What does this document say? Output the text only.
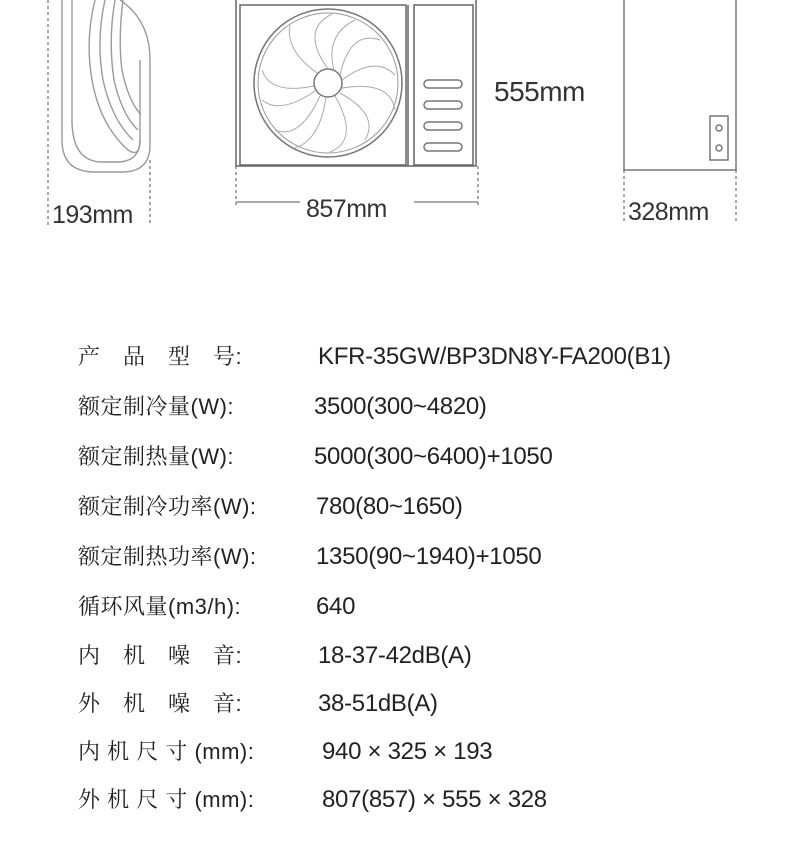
193mm	857mm
555mm
328mm
产　品　型　号:	KFR-35GW/BP3DN8Y-FA200(B1)
额定制冷量(W):	3500(300~4820)
额定制热量(W):	5000(300~6400)+1050
额定制冷功率(W): 780(80~1650)
额定制热功率(W): 1350(90~1940)+1050
循环风量(m3/h):	640
内　机　噪　音:	18-37-42dB(A)
外　机　噪　音:	38-51dB(A)
内 机 尺 寸 (mm):	940 × 325 × 193
外 机 尺 寸 (mm):	807(857) × 555 × 328
